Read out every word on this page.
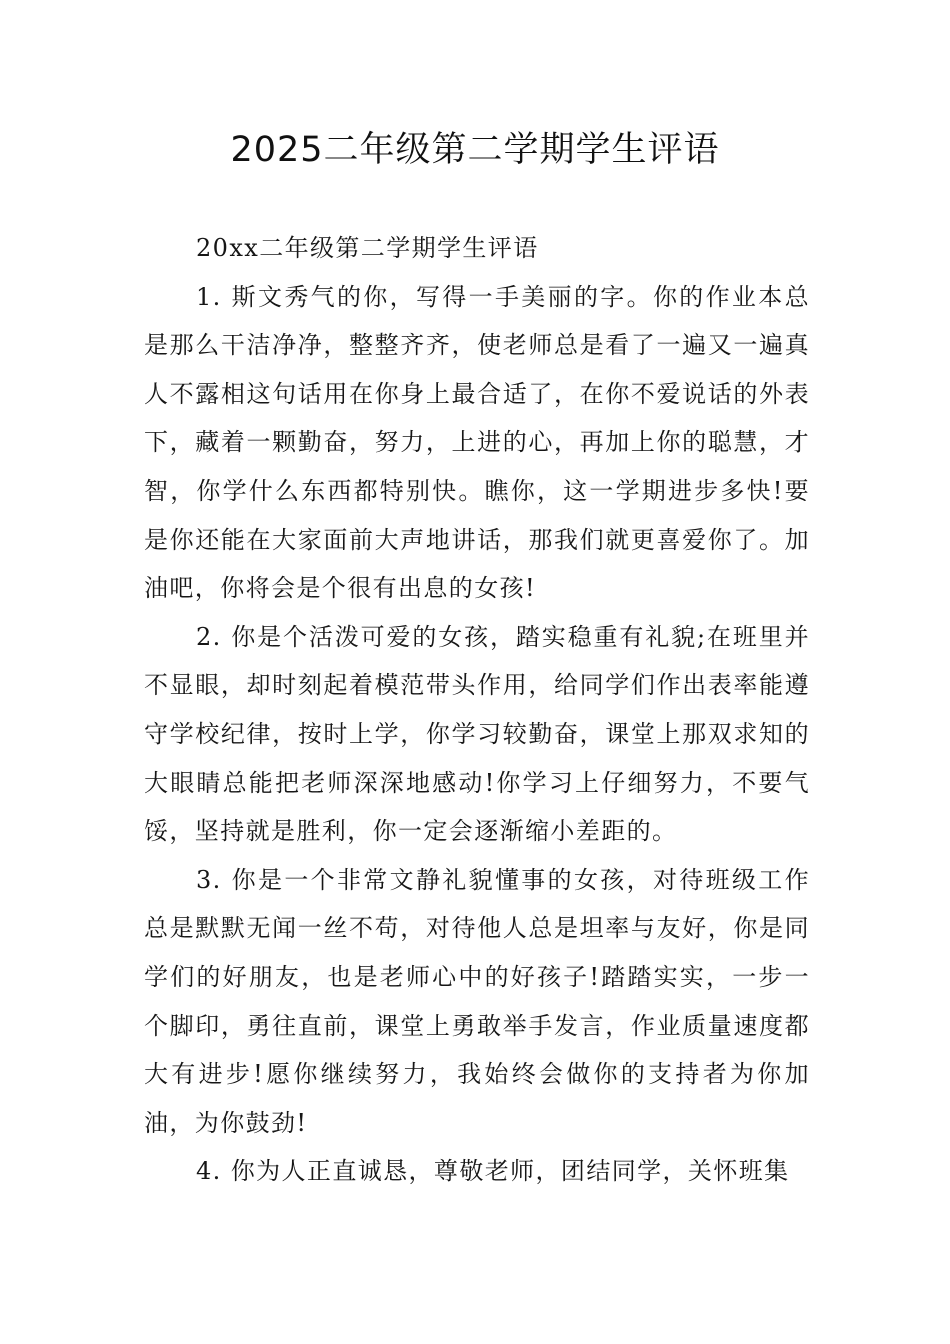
2025二年级第二学期学生评语

20xx二年级第二学期学生评语

1. 斯文秀气的你，写得一手美丽的字。你的作业本总是那么干洁净净，整整齐齐，使老师总是看了一遍又一遍真人不露相这句话用在你身上最合适了，在你不爱说话的外表下，藏着一颗勤奋，努力，上进的心，再加上你的聪慧，才智，你学什么东西都特别快。瞧你，这一学期进步多快!要是你还能在大家面前大声地讲话，那我们就更喜爱你了。加油吧，你将会是个很有出息的女孩!

2. 你是个活泼可爱的女孩，踏实稳重有礼貌;在班里并不显眼，却时刻起着模范带头作用，给同学们作出表率能遵守学校纪律，按时上学，你学习较勤奋，课堂上那双求知的大眼睛总能把老师深深地感动!你学习上仔细努力，不要气馁，坚持就是胜利，你一定会逐渐缩小差距的。

3. 你是一个非常文静礼貌懂事的女孩，对待班级工作总是默默无闻一丝不苟，对待他人总是坦率与友好，你是同学们的好朋友，也是老师心中的好孩子!踏踏实实，一步一个脚印，勇往直前，课堂上勇敢举手发言，作业质量速度都大有进步!愿你继续努力，我始终会做你的支持者为你加油，为你鼓劲!

4. 你为人正直诚恳，尊敬老师，团结同学，关怀班集
